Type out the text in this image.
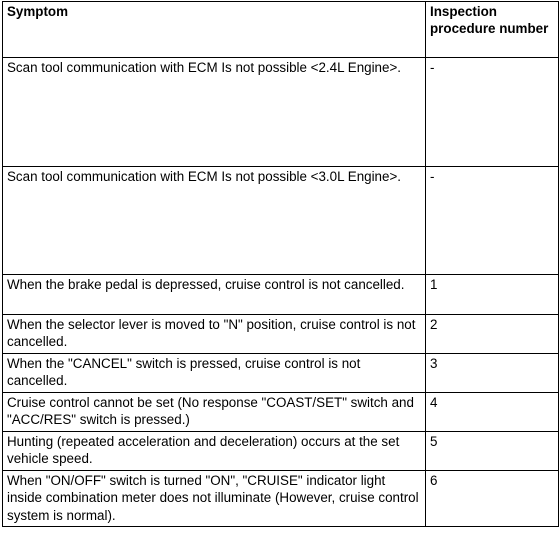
Symptom	Inspection procedure number
Scan tool communication with ECM Is not possible <2.4L Engine>.	-
Scan tool communication with ECM Is not possible <3.0L Engine>.	-
When the brake pedal is depressed, cruise control is not cancelled.	1
When the selector lever is moved to "N" position, cruise control is not cancelled.	2
When the "CANCEL" switch is pressed, cruise control is not cancelled.	3
Cruise control cannot be set (No response "COAST/SET" switch and "ACC/RES" switch is pressed.)	4
Hunting (repeated acceleration and deceleration) occurs at the set vehicle speed.	5
When "ON/OFF" switch is turned "ON", "CRUISE" indicator light inside combination meter does not illuminate (However, cruise control system is normal).	6
